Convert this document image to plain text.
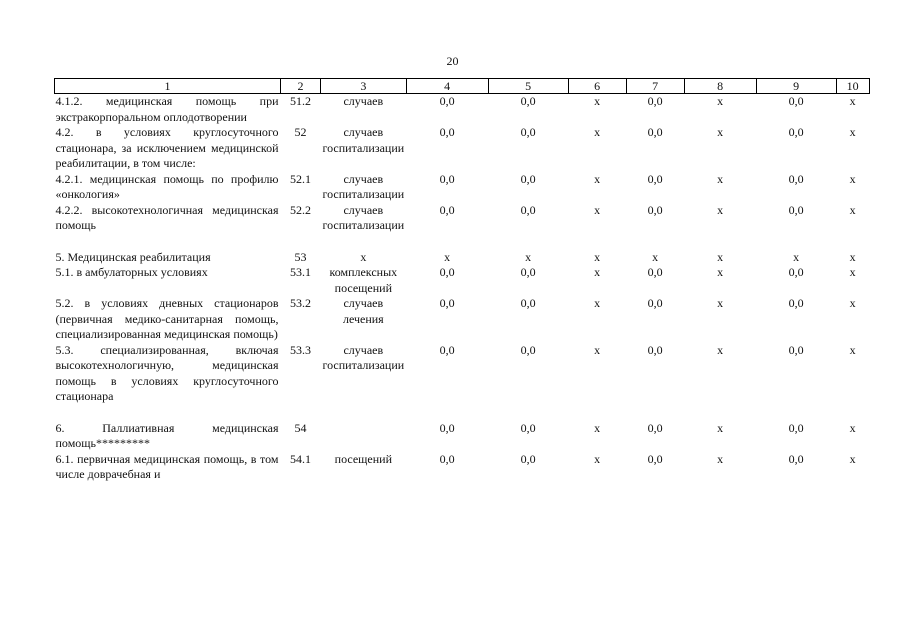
20
1	2	3	4	5	6	7	8	9	10
4.1.2. медицинская помощь при экстракорпоральном оплодотворении	51.2	случаев	0,0	0,0	х	0,0	х	0,0	х
4.2. в условиях круглосуточного стационара, за исключением медицинской реабилитации, в том числе:	52	случаев госпитализации	0,0	0,0	х	0,0	х	0,0	х
4.2.1. медицинская помощь по профилю «онкология»	52.1	случаев госпитализации	0,0	0,0	х	0,0	х	0,0	х
4.2.2. высокотехнологичная медицинская помощь	52.2	случаев госпитализации	0,0	0,0	х	0,0	х	0,0	х
5. Медицинская реабилитация	53	х	х	х	х	х	х	х	х
5.1. в амбулаторных условиях	53.1	комплексных посещений	0,0	0,0	х	0,0	х	0,0	х
5.2. в условиях дневных стационаров (первичная медико-санитарная помощь, специализированная медицинская помощь)	53.2	случаев лечения	0,0	0,0	х	0,0	х	0,0	х
5.3. специализированная, включая высокотехнологичную, медицинская помощь в условиях круглосуточного стационара	53.3	случаев госпитализации	0,0	0,0	х	0,0	х	0,0	х
6. Паллиативная медицинская помощь*********	54		0,0	0,0	х	0,0	х	0,0	х
6.1. первичная медицинская помощь, в том числе доврачебная и	54.1	посещений	0,0	0,0	х	0,0	х	0,0	х
